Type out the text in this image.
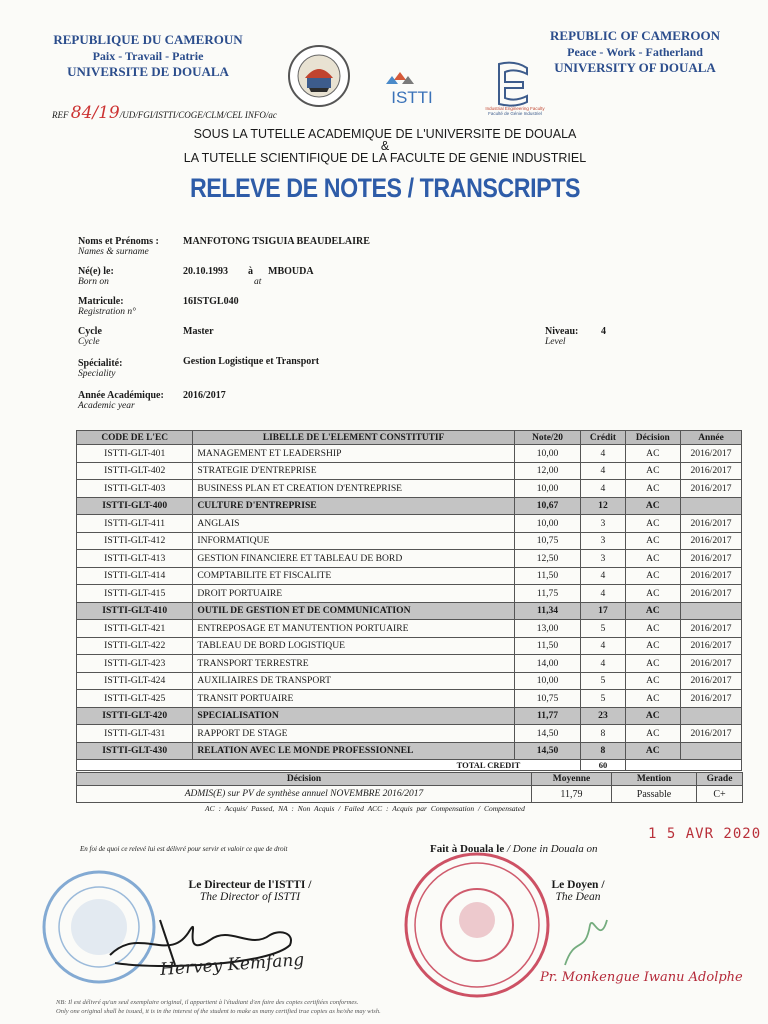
REPUBLIQUE DU CAMEROUN
Paix - Travail - Patrie
UNIVERSITE DE DOUALA
REPUBLIC OF CAMEROON
Peace - Work - Fatherland
UNIVERSITY OF DOUALA
ISTTI
Industrial Engineering Faculty
Faculté de Génie Industriel
REF 84/19/UD/FGI/ISTTI/COGE/CLM/CEL INFO/ac
SOUS LA TUTELLE ACADEMIQUE DE L'UNIVERSITE DE DOUALA
&
LA TUTELLE SCIENTIFIQUE DE LA FACULTE DE GENIE INDUSTRIEL
RELEVE DE NOTES / TRANSCRIPTS
Noms et Prénoms :
Names & surname
MANFOTONG TSIGUIA BEAUDELAIRE
Né(e) le:
Born on
20.10.1993 à
at
MBOUDA
Matricule:
Registration n°
16ISTGL040
Cycle
Cycle
Master	Niveau:
Level
4
Spécialité:
Speciality
Gestion Logistique et Transport
Année Académique:
Academic year
2016/2017
CODE DE L'EC	LIBELLE DE L'ELEMENT CONSTITUTIF	Note/20	Crédit	Décision	Année
ISTTI-GLT-401	MANAGEMENT ET LEADERSHIP	10,00	4	AC	2016/2017
ISTTI-GLT-402	STRATEGIE D'ENTREPRISE	12,00	4	AC	2016/2017
ISTTI-GLT-403	BUSINESS PLAN ET CREATION D'ENTREPRISE	10,00	4	AC	2016/2017
ISTTI-GLT-400	CULTURE D'ENTREPRISE	10,67	12	AC	
ISTTI-GLT-411	ANGLAIS	10,00	3	AC	2016/2017
ISTTI-GLT-412	INFORMATIQUE	10,75	3	AC	2016/2017
ISTTI-GLT-413	GESTION FINANCIERE ET TABLEAU DE BORD	12,50	3	AC	2016/2017
ISTTI-GLT-414	COMPTABILITE ET FISCALITE	11,50	4	AC	2016/2017
ISTTI-GLT-415	DROIT PORTUAIRE	11,75	4	AC	2016/2017
ISTTI-GLT-410	OUTIL DE GESTION ET DE COMMUNICATION	11,34	17	AC	
ISTTI-GLT-421	ENTREPOSAGE ET MANUTENTION PORTUAIRE	13,00	5	AC	2016/2017
ISTTI-GLT-422	TABLEAU DE BORD LOGISTIQUE	11,50	4	AC	2016/2017
ISTTI-GLT-423	TRANSPORT TERRESTRE	14,00	4	AC	2016/2017
ISTTI-GLT-424	AUXILIAIRES DE TRANSPORT	10,00	5	AC	2016/2017
ISTTI-GLT-425	TRANSIT PORTUAIRE	10,75	5	AC	2016/2017
ISTTI-GLT-420	SPECIALISATION	11,77	23	AC	
ISTTI-GLT-431	RAPPORT DE STAGE	14,50	8	AC	2016/2017
ISTTI-GLT-430	RELATION AVEC LE MONDE PROFESSIONNEL	14,50	8	AC	
TOTAL CREDIT			60		
Décision	Moyenne	Mention	Grade
ADMIS(E) sur PV de synthèse annuel NOVEMBRE 2016/2017	11,79	Passable	C+
AC : Acquis/ Passed, NA : Non Acquis / Failed ACC : Acquis par Compensation / Compensated
En foi de quoi ce relevé lui est délivré pour servir et valoir ce que de droit	Fait à Douala le / Done in Douala on
1 5 AVR 2020
Le Directeur de l'ISTTI /
The Director of ISTTI
Hervey Kemfang
Le Doyen /
The Dean
Pr. Monkengue Iwanu Adolphe
NB: Il est délivré qu'un seul exemplaire original, il appartient à l'étudiant d'en faire des copies certifiées conformes.
Only one original shall be issued, it is in the interest of the student to make as many certified true copies as he/she may wish.
